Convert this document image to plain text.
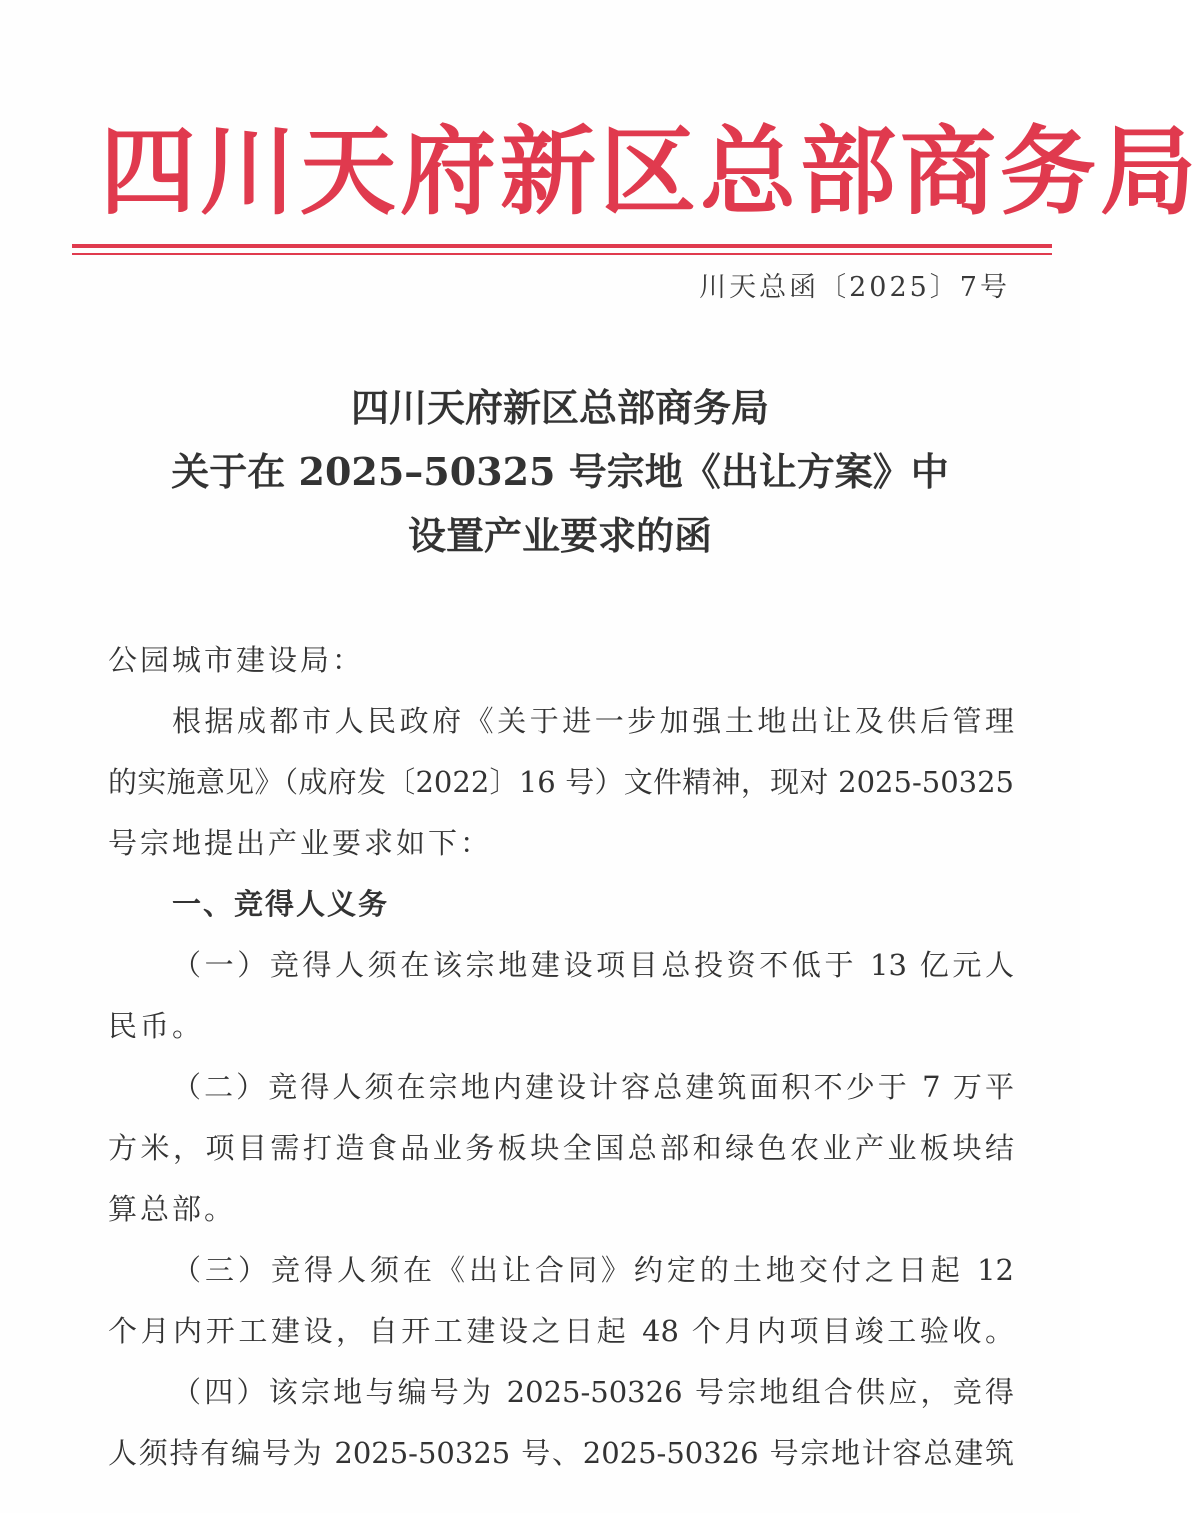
四川天府新区总部商务局
川天总函〔2025〕7号
四川天府新区总部商务局
关于在 2025–50325 号宗地《出让方案》中
设置产业要求的函
公园城市建设局：
根据成都市人民政府《关于进一步加强土地出让及供后管理
的实施意见》（成府发〔2022〕16 号）文件精神，现对 2025-50325
号宗地提出产业要求如下：
一、竞得人义务
（一）竞得人须在该宗地建设项目总投资不低于 13 亿元人
民币。
（二）竞得人须在宗地内建设计容总建筑面积不少于 7 万平
方米，项目需打造食品业务板块全国总部和绿色农业产业板块结
算总部。
（三）竞得人须在《出让合同》约定的土地交付之日起 12
个月内开工建设，自开工建设之日起 48 个月内项目竣工验收。
（四）该宗地与编号为 2025-50326 号宗地组合供应，竞得
人须持有编号为 2025-50325 号、2025-50326 号宗地计容总建筑
